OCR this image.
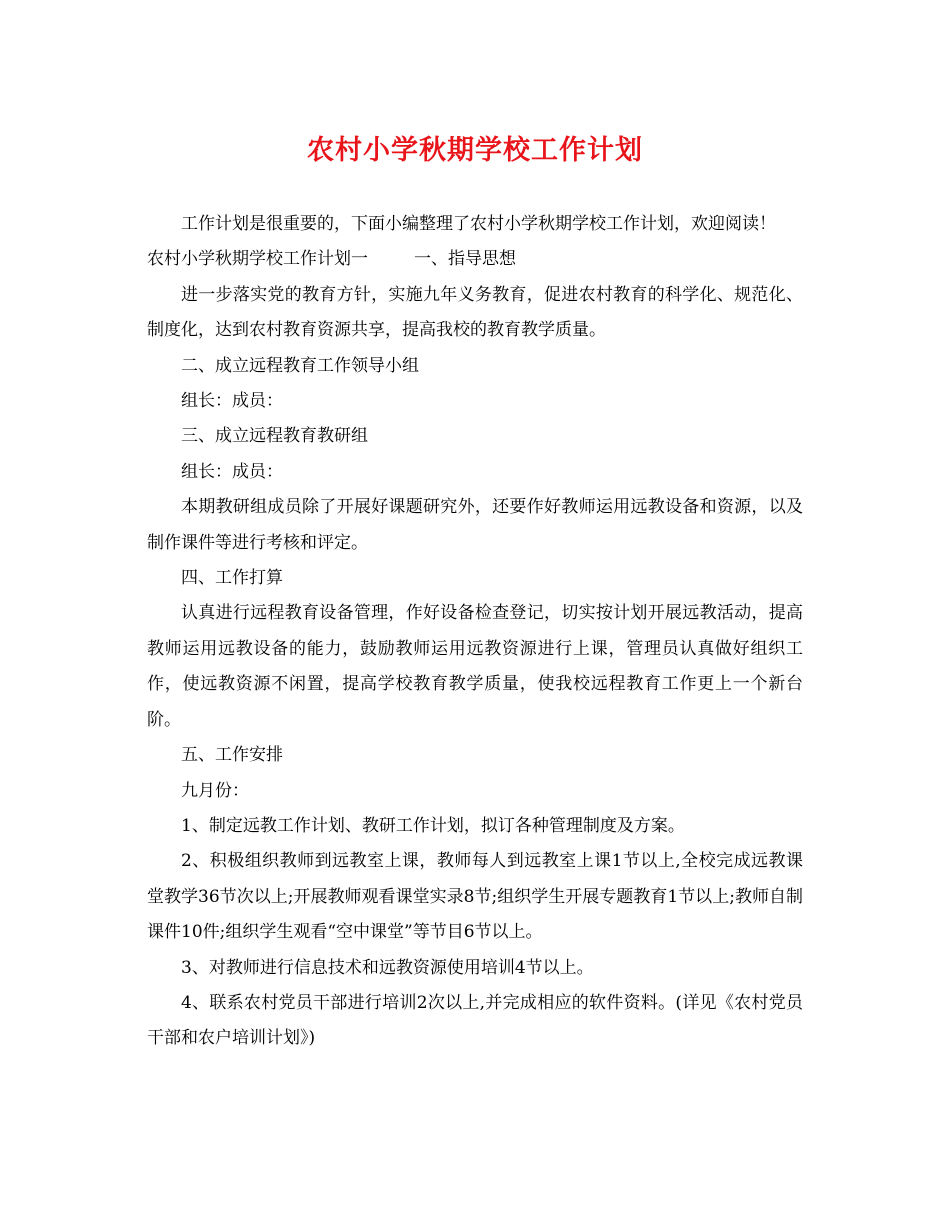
农村小学秋期学校工作计划

工作计划是很重要的，下面小编整理了农村小学秋期学校工作计划，欢迎阅读！

农村小学秋期学校工作计划一	一、指导思想

进一步落实党的教育方针，实施九年义务教育，促进农村教育的科学化、规范化、制度化，达到农村教育资源共享，提高我校的教育教学质量。

二、成立远程教育工作领导小组

组长：成员：

三、成立远程教育教研组

组长：成员：

本期教研组成员除了开展好课题研究外，还要作好教师运用远教设备和资源，以及制作课件等进行考核和评定。

四、工作打算

认真进行远程教育设备管理，作好设备检查登记，切实按计划开展远教活动，提高教师运用远教设备的能力，鼓励教师运用远教资源进行上课，管理员认真做好组织工作，使远教资源不闲置，提高学校教育教学质量，使我校远程教育工作更上一个新台阶。

五、工作安排

九月份：

1、制定远教工作计划、教研工作计划，拟订各种管理制度及方案。

2、积极组织教师到远教室上课，教师每人到远教室上课1节以上,全校完成远教课堂教学36节次以上;开展教师观看课堂实录8节;组织学生开展专题教育1节以上;教师自制课件10件;组织学生观看“空中课堂”等节目6节以上。

3、对教师进行信息技术和远教资源使用培训4节以上。

4、联系农村党员干部进行培训2次以上,并完成相应的软件资料。(详见《农村党员干部和农户培训计划》)
